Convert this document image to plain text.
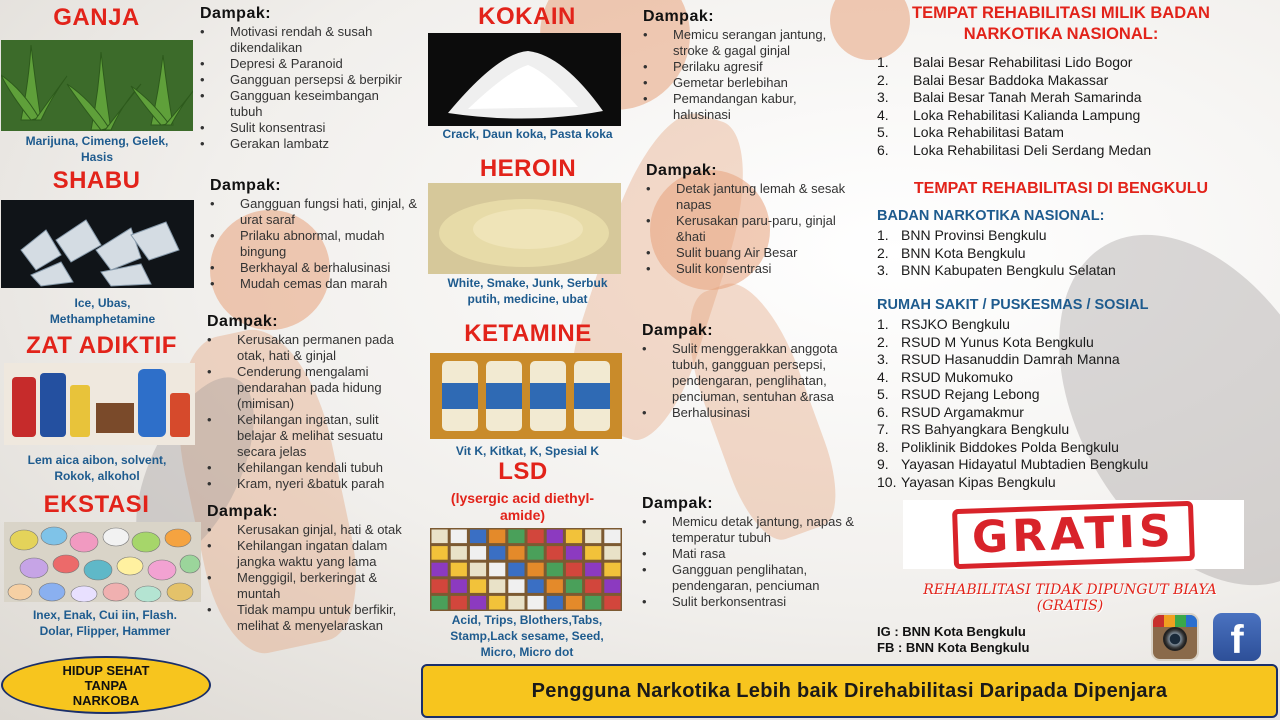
GANJA
Marijuna, Cimeng, Gelek, Hasis
SHABU
Ice, Ubas, Methamphetamine
ZAT ADIKTIF
Lem aica aibon, solvent, Rokok, alkohol
EKSTASI
Inex, Enak, Cui iin, Flash. Dolar, Flipper, Hammer
Dampak:
• Motivasi rendah & susah dikendalikan
• Depresi & Paranoid
• Gangguan persepsi & berpikir
• Gangguan keseimbangan tubuh
• Sulit konsentrasi
• Gerakan lambatz
Dampak:
• Gangguan fungsi hati, ginjal, & urat saraf
• Prilaku abnormal, mudah bingung
• Berkhayal & berhalusinasi
• Mudah cemas dan marah
Dampak:
• Kerusakan permanen pada otak, hati & ginjal
• Cenderung mengalami pendarahan pada hidung (mimisan)
• Kehilangan ingatan, sulit belajar & melihat sesuatu secara jelas
• Kehilangan kendali tubuh
• Kram, nyeri &batuk parah
Dampak:
• Kerusakan ginjal, hati & otak
• Kehilangan ingatan dalam jangka waktu yang lama
• Menggigil, berkeringat & muntah
• Tidak mampu untuk berfikir, melihat & menyelaraskan
KOKAIN
Crack, Daun koka, Pasta koka
HEROIN
White, Smake, Junk, Serbuk putih, medicine, ubat
KETAMINE
Vit K, Kitkat, K, Spesial K
LSD
(lysergic acid diethyl-amide)
Acid, Trips, Blothers,Tabs, Stamp,Lack sesame, Seed, Micro, Micro dot
Dampak:
• Memicu serangan jantung, stroke & gagal ginjal
• Perilaku agresif
• Gemetar berlebihan
• Pemandangan kabur, halusinasi
Dampak:
• Detak jantung lemah & sesak napas
• Kerusakan paru-paru, ginjal &hati
• Sulit buang Air Besar
• Sulit konsentrasi
Dampak:
• Sulit menggerakkan anggota tubuh, gangguan persepsi, pendengaran, penglihatan, penciuman, sentuhan &rasa
• Berhalusinasi
Dampak:
• Memicu detak jantung, napas & temperatur tubuh
• Mati rasa
• Gangguan penglihatan, pendengaran, penciuman
• Sulit berkonsentrasi
TEMPAT REHABILITASI MILIK BADAN NARKOTIKA NASIONAL:
1. Balai Besar Rehabilitasi Lido Bogor
2. Balai Besar Baddoka Makassar
3. Balai Besar Tanah Merah Samarinda
4. Loka Rehabilitasi Kalianda Lampung
5. Loka Rehabilitasi Batam
6. Loka Rehabilitasi Deli Serdang Medan
TEMPAT REHABILITASI DI BENGKULU
BADAN NARKOTIKA NASIONAL:
1. BNN Provinsi Bengkulu
2. BNN Kota Bengkulu
3. BNN Kabupaten Bengkulu Selatan
RUMAH SAKIT / PUSKESMAS / SOSIAL
1. RSJKO Bengkulu
2. RSUD M Yunus Kota Bengkulu
3. RSUD Hasanuddin Damrah Manna
4. RSUD Mukomuko
5. RSUD Rejang Lebong
6. RSUD Argamakmur
7. RS Bahyangkara Bengkulu
8. Poliklinik Biddokes Polda Bengkulu
9. Yayasan Hidayatul Mubtadien Bengkulu
10. Yayasan Kipas Bengkulu
GRATIS
REHABILITASI TIDAK DIPUNGUT BIAYA
(GRATIS)
IG : BNN Kota Bengkulu
FB : BNN Kota Bengkulu	f
HIDUP SEHAT
TANPA
NARKOBA	Pengguna Narkotika Lebih baik Direhabilitasi Daripada Dipenjara
